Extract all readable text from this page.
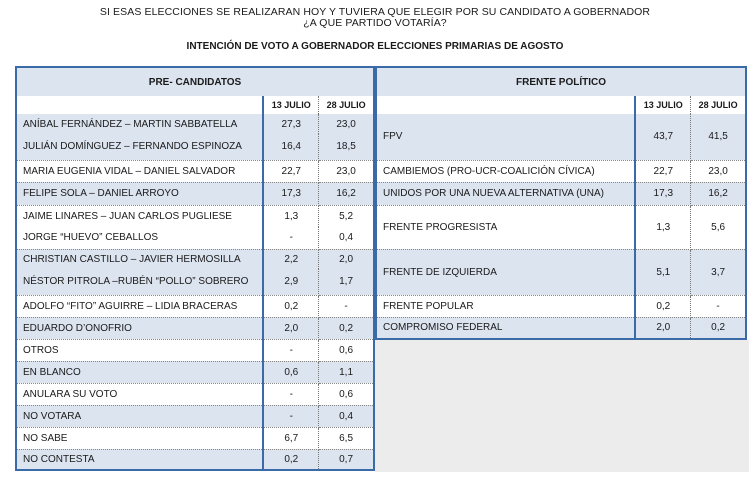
SI ESAS ELECCIONES SE REALIZARAN HOY Y TUVIERA QUE ELEGIR POR SU CANDIDATO A GOBERNADOR
¿A QUE PARTIDO VOTARÍA?
INTENCIÓN DE VOTO A GOBERNADOR ELECCIONES PRIMARIAS DE AGOSTO
PRE- CANDIDATOS		
	13 JULIO	28 JULIO
ANÍBAL FERNÁNDEZ – MARTIN SABBATELLA	27,3	23,0
JULIÁN DOMÍNGUEZ – FERNANDO ESPINOZA	16,4	18,5
MARIA EUGENIA VIDAL – DANIEL SALVADOR	22,7	23,0
FELIPE SOLA – DANIEL ARROYO	17,3	16,2
JAIME LINARES – JUAN CARLOS PUGLIESE	1,3	5,2
JORGE “HUEVO” CEBALLOS	-	0,4
CHRISTIAN CASTILLO – JAVIER HERMOSILLA	2,2	2,0
NÉSTOR PITROLA –RUBÉN “POLLO” SOBRERO	2,9	1,7
ADOLFO “FITO” AGUIRRE – LIDIA BRACERAS	0,2	-
EDUARDO D’ONOFRIO	2,0	0,2
OTROS	-	0,6
EN BLANCO	0,6	1,1
ANULARA SU VOTO	-	0,6
NO VOTARA	-	0,4
NO SABE	6,7	6,5
NO CONTESTA	0,2	0,7
FRENTE POLÍTICO		
	13 JULIO	28 JULIO
FPV	43,7	41,5
CAMBIEMOS (PRO-UCR-COALICIÓN CÍVICA)	22,7	23,0
UNIDOS POR UNA NUEVA ALTERNATIVA (UNA)	17,3	16,2
FRENTE PROGRESISTA	1,3	5,6
FRENTE DE IZQUIERDA	5,1	3,7
FRENTE POPULAR	0,2	-
COMPROMISO FEDERAL	2,0	0,2
